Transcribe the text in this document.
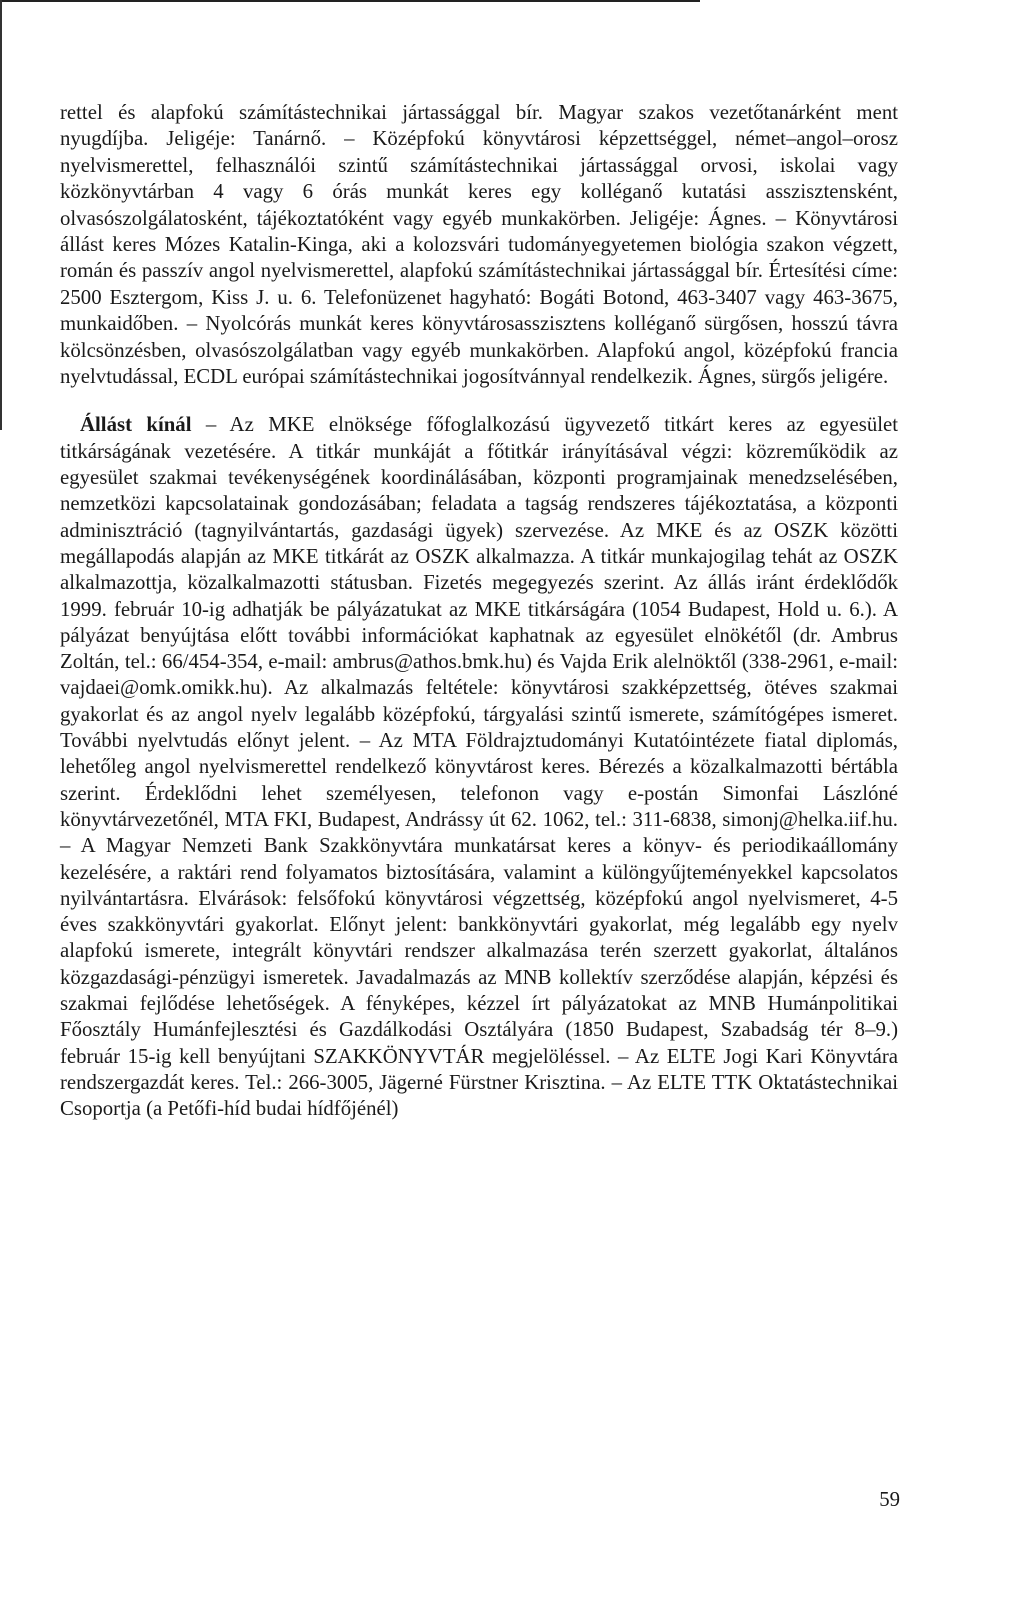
rettel és alapfokú számítástechnikai jártassággal bír. Magyar szakos vezetőtanárként ment nyugdíjba. Jeligéje: Tanárnő. – Középfokú könyvtárosi képzettséggel, német–angol–orosz nyelvismerettel, felhasználói szintű számítástechnikai jártassággal orvosi, iskolai vagy közkönyvtárban 4 vagy 6 órás munkát keres egy kolléganő kutatási asszisztensként, olvasószolgálatosként, tájékoztatóként vagy egyéb munkakörben. Jeligéje: Ágnes. – Könyvtárosi állást keres Mózes Katalin-Kinga, aki a kolozsvári tudományegyetemen biológia szakon végzett, román és passzív angol nyelvismerettel, alapfokú számítástechnikai jártassággal bír. Értesítési címe: 2500 Esztergom, Kiss J. u. 6. Telefonüzenet hagyható: Bogáti Botond, 463-3407 vagy 463-3675, munkaidőben. – Nyolcórás munkát keres könyvtárosasszisztens kolléganő sürgősen, hosszú távra kölcsönzésben, olvasószolgálatban vagy egyéb munkakörben. Alapfokú angol, középfokú francia nyelvtudással, ECDL európai számítástechnikai jogosítvánnyal rendelkezik. Ágnes, sürgős jeligére.

Állást kínál – Az MKE elnöksége főfoglalkozású ügyvezető titkárt keres az egyesület titkárságának vezetésére. A titkár munkáját a főtitkár irányításával végzi: közreműködik az egyesület szakmai tevékenységének koordinálásában, központi programjainak menedzselésében, nemzetközi kapcsolatainak gondozásában; feladata a tagság rendszeres tájékoztatása, a központi adminisztráció (tagnyilvántartás, gazdasági ügyek) szervezése. Az MKE és az OSZK közötti megállapodás alapján az MKE titkárát az OSZK alkalmazza. A titkár munkajogilag tehát az OSZK alkalmazottja, közalkalmazotti státusban. Fizetés megegyezés szerint. Az állás iránt érdeklődők 1999. február 10-ig adhatják be pályázatukat az MKE titkárságára (1054 Budapest, Hold u. 6.). A pályázat benyújtása előtt további információkat kaphatnak az egyesület elnökétől (dr. Ambrus Zoltán, tel.: 66/454-354, e-mail: ambrus@athos.bmk.hu) és Vajda Erik alelnöktől (338-2961, e-mail: vajdaei@omk.omikk.hu). Az alkalmazás feltétele: könyvtárosi szakképzettség, ötéves szakmai gyakorlat és az angol nyelv legalább középfokú, tárgyalási szintű ismerete, számítógépes ismeret. További nyelvtudás előnyt jelent. – Az MTA Földrajztudományi Kutatóintézete fiatal diplomás, lehetőleg angol nyelvismerettel rendelkező könyvtárost keres. Bérezés a közalkalmazotti bértábla szerint. Érdeklődni lehet személyesen, telefonon vagy e-postán Simonfai Lászlóné könyvtárvezetőnél, MTA FKI, Budapest, Andrássy út 62. 1062, tel.: 311-6838, simonj@helka.iif.hu. – A Magyar Nemzeti Bank Szakkönyvtára munkatársat keres a könyv- és periodikaállomány kezelésére, a raktári rend folyamatos biztosítására, valamint a különgyűjteményekkel kapcsolatos nyilvántartásra. Elvárások: felsőfokú könyvtárosi végzettség, középfokú angol nyelvismeret, 4-5 éves szakkönyvtári gyakorlat. Előnyt jelent: bankkönyvtári gyakorlat, még legalább egy nyelv alapfokú ismerete, integrált könyvtári rendszer alkalmazása terén szerzett gyakorlat, általános közgazdasági-pénzügyi ismeretek. Javadalmazás az MNB kollektív szerződése alapján, képzési és szakmai fejlődése lehetőségek. A fényképes, kézzel írt pályázatokat az MNB Humánpolitikai Főosztály Humánfejlesztési és Gazdálkodási Osztályára (1850 Budapest, Szabadság tér 8–9.) február 15-ig kell benyújtani SZAKKÖNYVTÁR megjelöléssel. – Az ELTE Jogi Kari Könyvtára rendszergazdát keres. Tel.: 266-3005, Jägerné Fürstner Krisztina. – Az ELTE TTK Oktatástechnikai Csoportja (a Petőfi-híd budai hídfőjénél)

59
